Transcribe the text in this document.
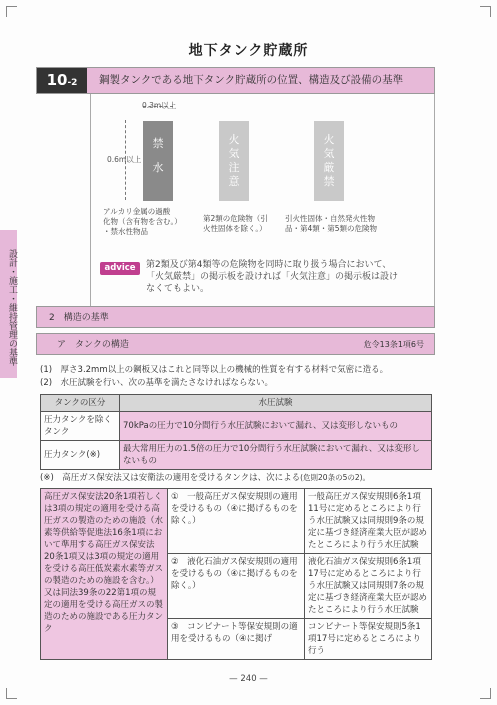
地下タンク貯蔵所
設計・施工・維持管理の基準
10-2	鋼製タンクである地下タンク貯蔵所の位置、構造及び設備の基準
0.3m以上
0.6m以上
禁
水
アルカリ金属の過酸
化物（含有物を含む。）
・禁水性物品
火
気
注
意
第2類の危険物（引
火性固体を除く。）
火
気
厳
禁
引火性固体・自然発火性物
品・第4類・第5類の危険物
advice	第2類及び第4類等の危険物を同時に取り扱う場合において、
「火気厳禁」の掲示板を設ければ「火気注意」の掲示板は設け
なくてもよい。
2　構造の基準
ア　タンクの構造	危令13条1項6号
(1)　厚さ3.2mm以上の鋼板又はこれと同等以上の機械的性質を有する材料で気密に造る。
(2)　水圧試験を行い、次の基準を満たさなければならない。
タンクの区分	水圧試験
圧力タンクを除くタンク	70kPaの圧力で10分間行う水圧試験において漏れ、又は変形しないもの
圧力タンク(※)	最大常用圧力の1.5倍の圧力で10分間行う水圧試験において漏れ、又は変形しないもの
(※)　高圧ガス保安法又は安衛法の適用を受けるタンクは、次による(危則20条の5の2)。
高圧ガス保安法20条1項若しくは3項の規定の適用を受ける高圧ガスの製造のための施設（水素等供給等促進法16条1項において準用する高圧ガス保安法20条1項又は3項の規定の適用を受ける高圧低炭素水素等ガスの製造のための施設を含む。）又は同法39条の22第1項の規定の適用を受ける高圧ガスの製造のための施設である圧力タンク	①　一般高圧ガス保安規則の適用を受けるもの（④に掲げるものを除く。）	一般高圧ガス保安規則6条1項11号に定めるところにより行う水圧試験又は同規則9条の規定に基づき経済産業大臣が認めたところにより行う水圧試験
	②　液化石油ガス保安規則の適用を受けるもの（④に掲げるものを除く。）	液化石油ガス保安規則6条1項17号に定めるところにより行う水圧試験又は同規則7条の規定に基づき経済産業大臣が認めたところにより行う水圧試験
	③　コンビナート等保安規則の適用を受けるもの（④に掲げ	コンビナート等保安規則5条1項17号に定めるところにより行う
— 240 —
